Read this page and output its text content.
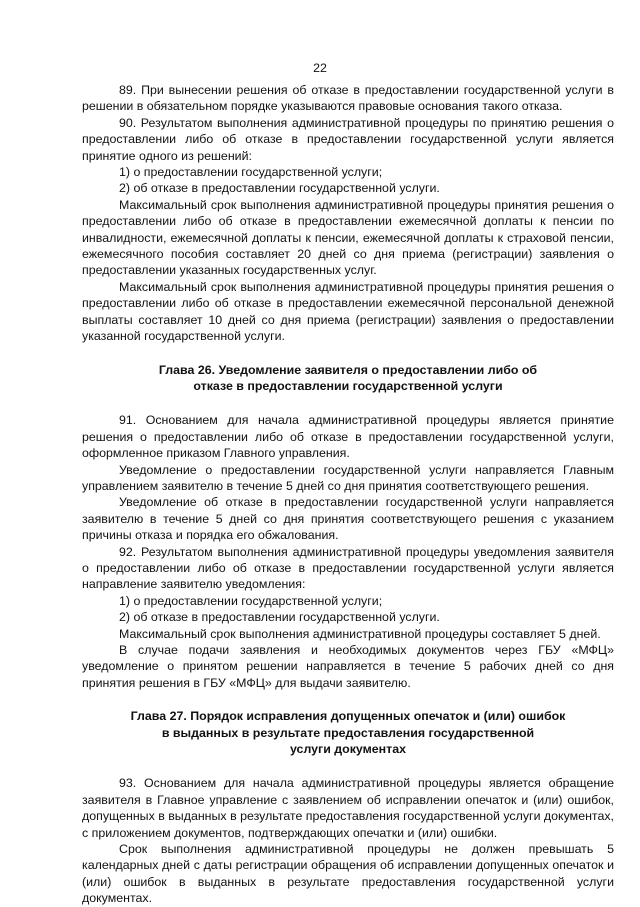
22

89. При вынесении решения об отказе в предоставлении государственной услуги в решении в обязательном порядке указываются правовые основания такого отказа.

90. Результатом выполнения административной процедуры по принятию решения о предоставлении либо об отказе в предоставлении государственной услуги является принятие одного из решений:

1) о предоставлении государственной услуги;

2) об отказе в предоставлении государственной услуги.

Максимальный срок выполнения административной процедуры принятия решения о предоставлении либо об отказе в предоставлении ежемесячной доплаты к пенсии по инвалидности, ежемесячной доплаты к пенсии, ежемесячной доплаты к страховой пенсии, ежемесячного пособия составляет 20 дней со дня приема (регистрации) заявления о предоставлении указанных государственных услуг.

Максимальный срок выполнения административной процедуры принятия решения о предоставлении либо об отказе в предоставлении ежемесячной персональной денежной выплаты составляет 10 дней со дня приема (регистрации) заявления о предоставлении указанной государственной услуги.

Глава 26. Уведомление заявителя о предоставлении либо об
отказе в предоставлении государственной услуги

91. Основанием для начала административной процедуры является принятие решения о предоставлении либо об отказе в предоставлении государственной услуги, оформленное приказом Главного управления.

Уведомление о предоставлении государственной услуги направляется Главным управлением заявителю в течение 5 дней со дня принятия соответствующего решения.

Уведомление об отказе в предоставлении государственной услуги направляется заявителю в течение 5 дней со дня принятия соответствующего решения с указанием причины отказа и порядка его обжалования.

92. Результатом выполнения административной процедуры уведомления заявителя о предоставлении либо об отказе в предоставлении государственной услуги является направление заявителю уведомления:

1) о предоставлении государственной услуги;

2) об отказе в предоставлении государственной услуги.

Максимальный срок выполнения административной процедуры составляет 5 дней.

В случае подачи заявления и необходимых документов через ГБУ «МФЦ» уведомление о принятом решении направляется в течение 5 рабочих дней со дня принятия решения в ГБУ «МФЦ» для выдачи заявителю.

Глава 27. Порядок исправления допущенных опечаток и (или) ошибок
в выданных в результате предоставления государственной
услуги документах

93. Основанием для начала административной процедуры является обращение заявителя в Главное управление с заявлением об исправлении опечаток и (или) ошибок, допущенных в выданных в результате предоставления государственной услуги документах, с приложением документов, подтверждающих опечатки и (или) ошибки.

Срок выполнения административной процедуры не должен превышать 5 календарных дней с даты регистрации обращения об исправлении допущенных опечаток и (или) ошибок в выданных в результате предоставления государственной услуги документах.
